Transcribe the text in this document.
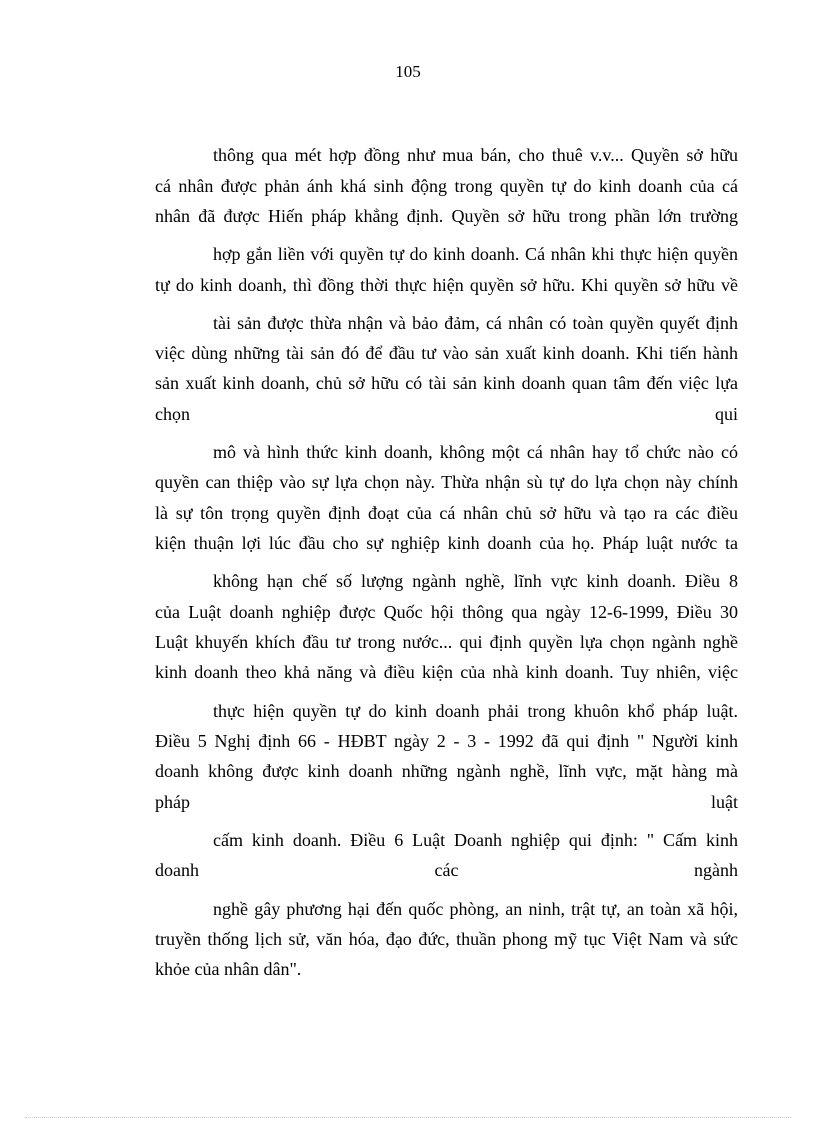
105
thông qua mét hợp đồng như mua bán, cho thuê v.v... Quyền sở hữu
cá nhân được phản ánh khá sinh động trong quyền tự do kinh doanh của cá
nhân đã được Hiến pháp khẳng định. Quyền sở hữu trong phần lớn trường
hợp gắn liền với quyền tự do kinh doanh. Cá nhân khi thực hiện quyền
tự do kinh doanh, thì đồng thời thực hiện quyền sở hữu. Khi quyền sở hữu về
tài sản được thừa nhận và bảo đảm, cá nhân có toàn quyền quyết định
việc dùng những tài sản đó để đầu tư vào sản xuất kinh doanh. Khi tiến hành
sản xuất kinh doanh, chủ sở hữu có tài sản kinh doanh quan tâm đến việc lựa
chọn qui
mô và hình thức kinh doanh, không một cá nhân hay tổ chức nào có
quyền can thiệp vào sự lựa chọn này. Thừa nhận sù tự do lựa chọn này chính
là sự tôn trọng quyền định đoạt của cá nhân chủ sở hữu và tạo ra các điều
kiện thuận lợi lúc đầu cho sự nghiệp kinh doanh của họ. Pháp luật nước ta
không hạn chế số lượng ngành nghề, lĩnh vực kinh doanh. Điều 8
của Luật doanh nghiệp được Quốc hội thông qua ngày 12-6-1999, Điều 30
Luật khuyến khích đầu tư trong nước... qui định quyền lựa chọn ngành nghề
kinh doanh theo khả năng và điều kiện của nhà kinh doanh. Tuy nhiên, việc
thực hiện quyền tự do kinh doanh phải trong khuôn khổ pháp luật.
Điều 5 Nghị định 66 - HĐBT ngày 2 - 3 - 1992 đã qui định " Người kinh
doanh không được kinh doanh những ngành nghề, lĩnh vực, mặt hàng mà
pháp luật
cấm kinh doanh. Điều 6 Luật Doanh nghiệp qui định: " Cấm kinh
doanh các ngành
nghề gây phương hại đến quốc phòng, an ninh, trật tự, an toàn xã hội,
truyền thống lịch sử, văn hóa, đạo đức, thuần phong mỹ tục Việt Nam và sức
khỏe của nhân dân".
